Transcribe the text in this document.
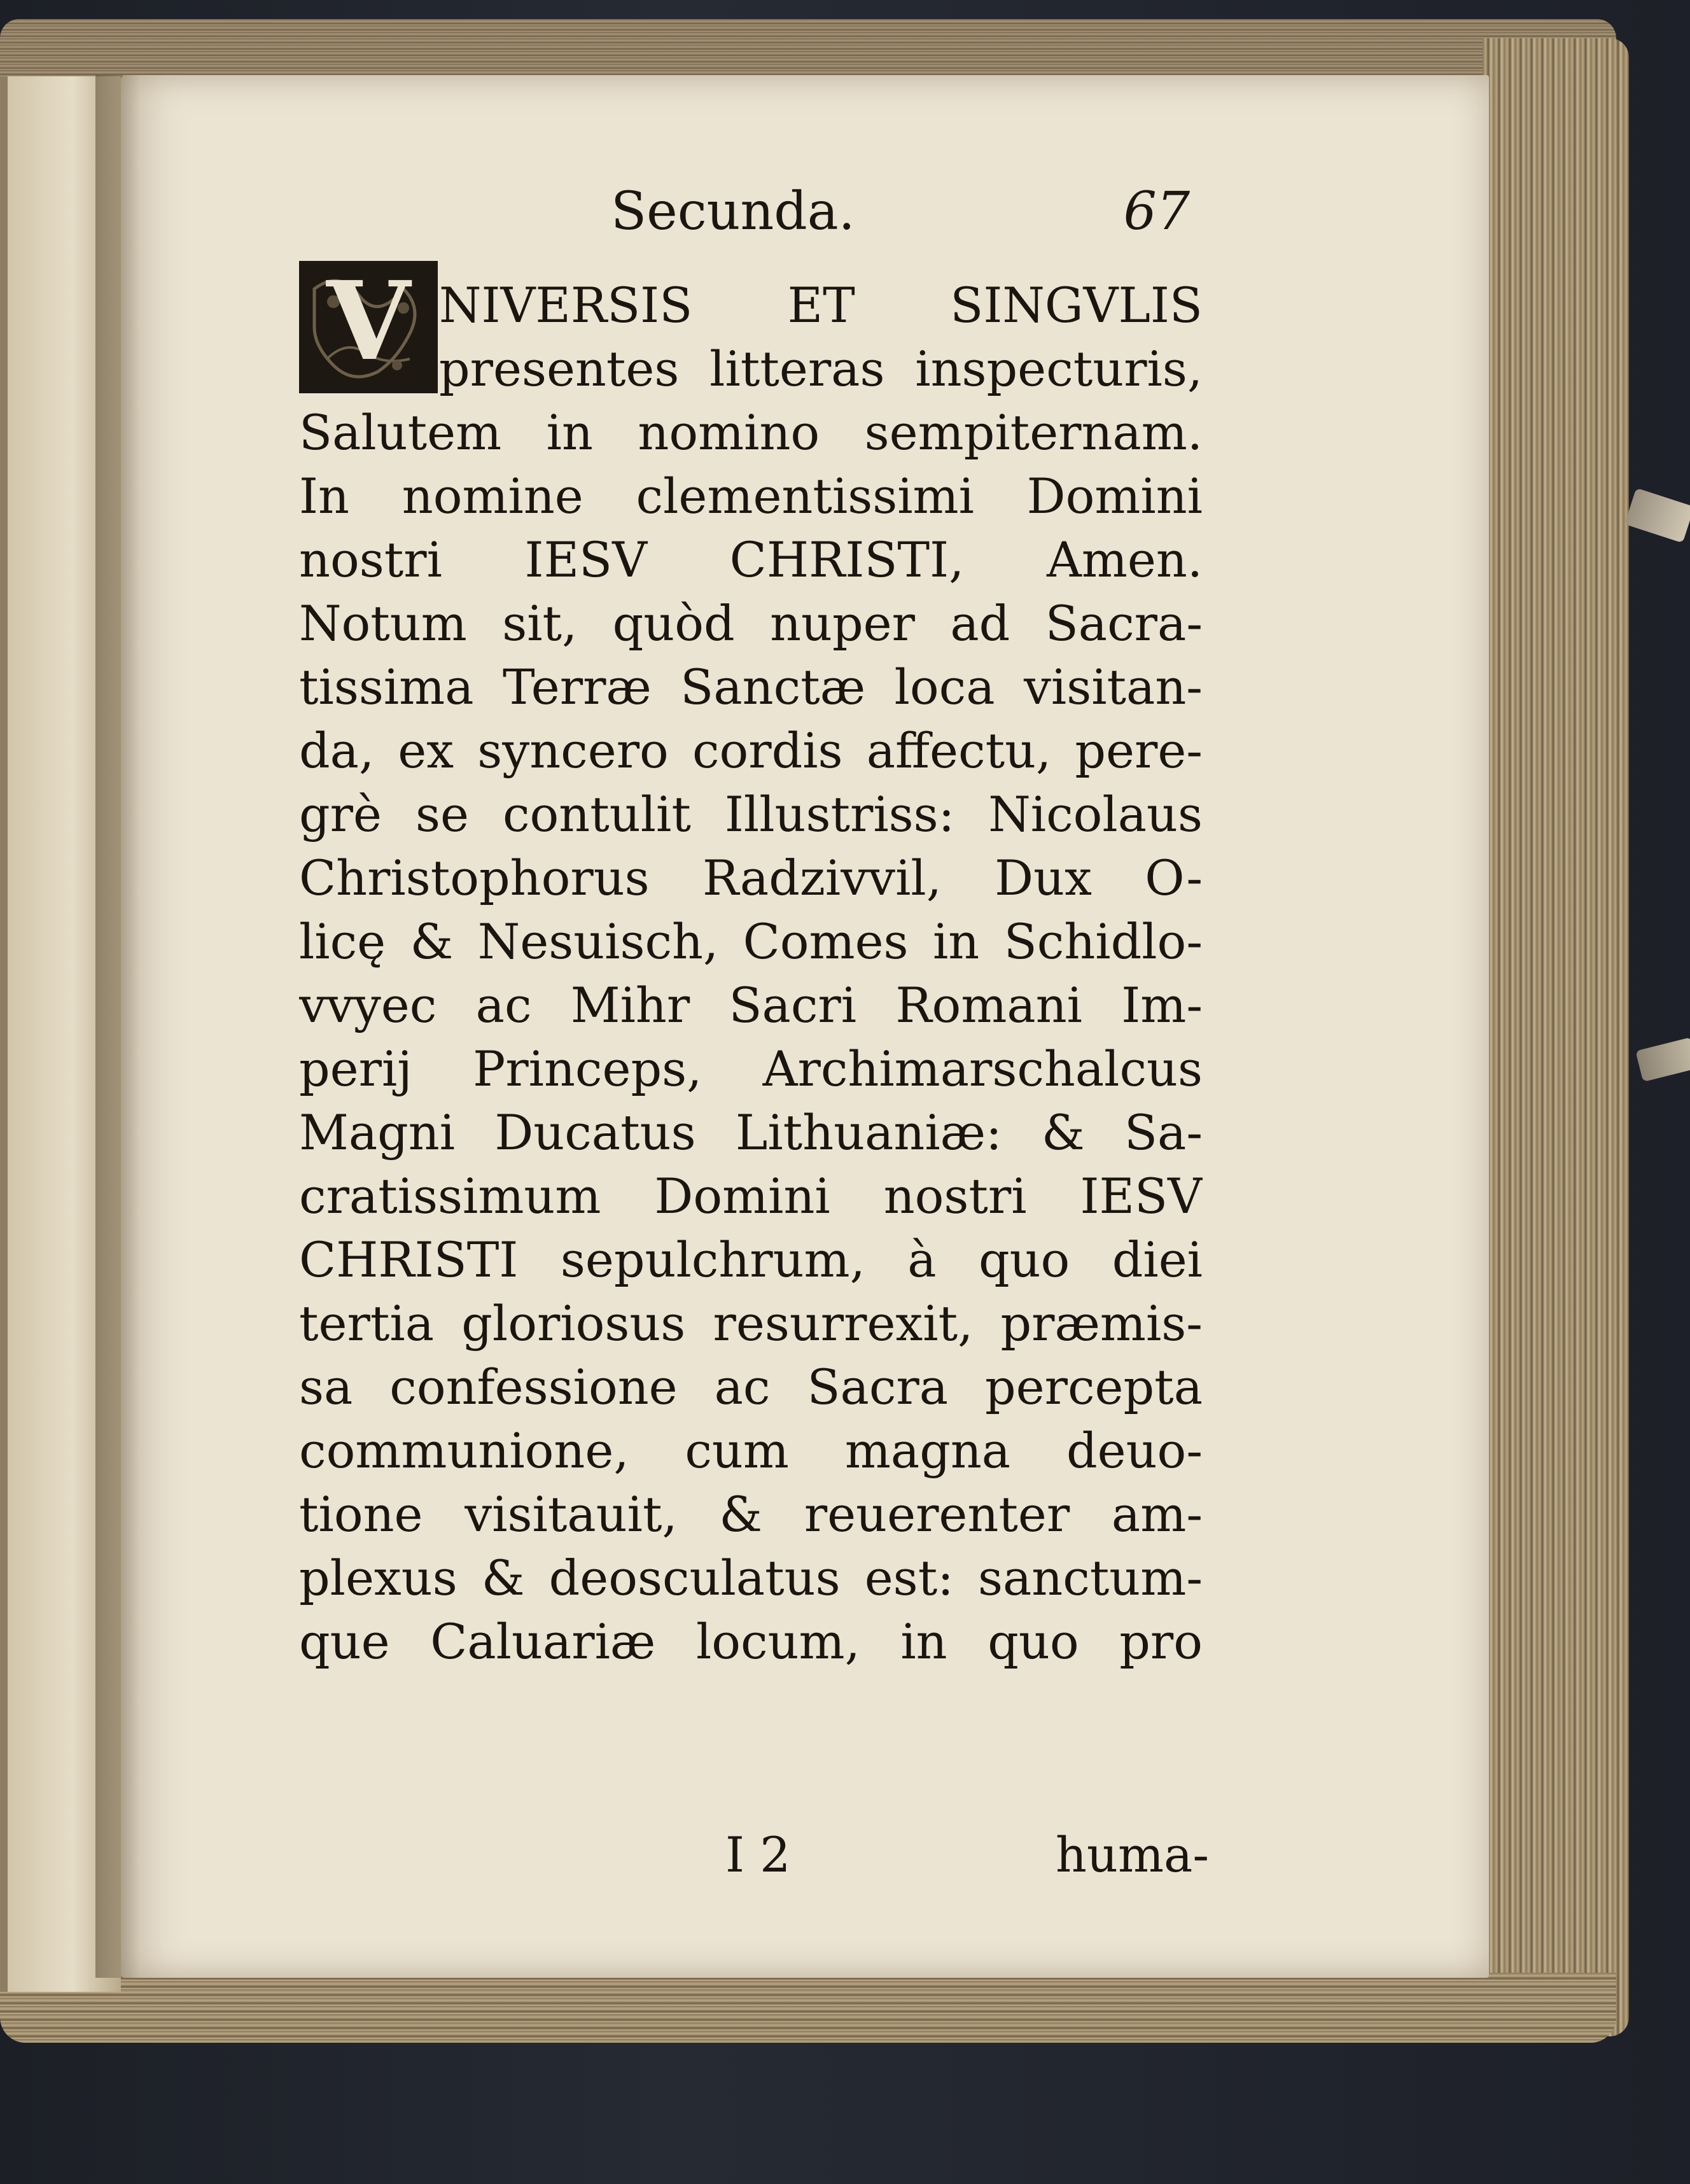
Secunda.	67
V NIVERSIS ET SINGVLIS
presentes litteras inspecturis,
Salutem in nomino sempiternam.
In nomine clementissimi Domini
nostri IESV CHRISTI, Amen.
Notum sit, quòd nuper ad Sacra-
tissima Terræ Sanctæ loca visitan-
da, ex syncero cordis affectu, pere-
grè se contulit Illustriss: Nicolaus
Christophorus Radzivvil, Dux O-
licę & Nesuisch, Comes in Schidlo-
vvyec ac Mihr Sacri Romani Im-
perij Princeps, Archimarschalcus
Magni Ducatus Lithuaniæ: & Sa-
cratissimum Domini nostri IESV
CHRISTI sepulchrum, à quo diei
tertia gloriosus resurrexit, præmis-
sa confessione ac Sacra percepta
communione, cum magna deuo-
tione visitauit, & reuerenter am-
plexus & deosculatus est: sanctum-
que Caluariæ locum, in quo pro
I 2	huma-
